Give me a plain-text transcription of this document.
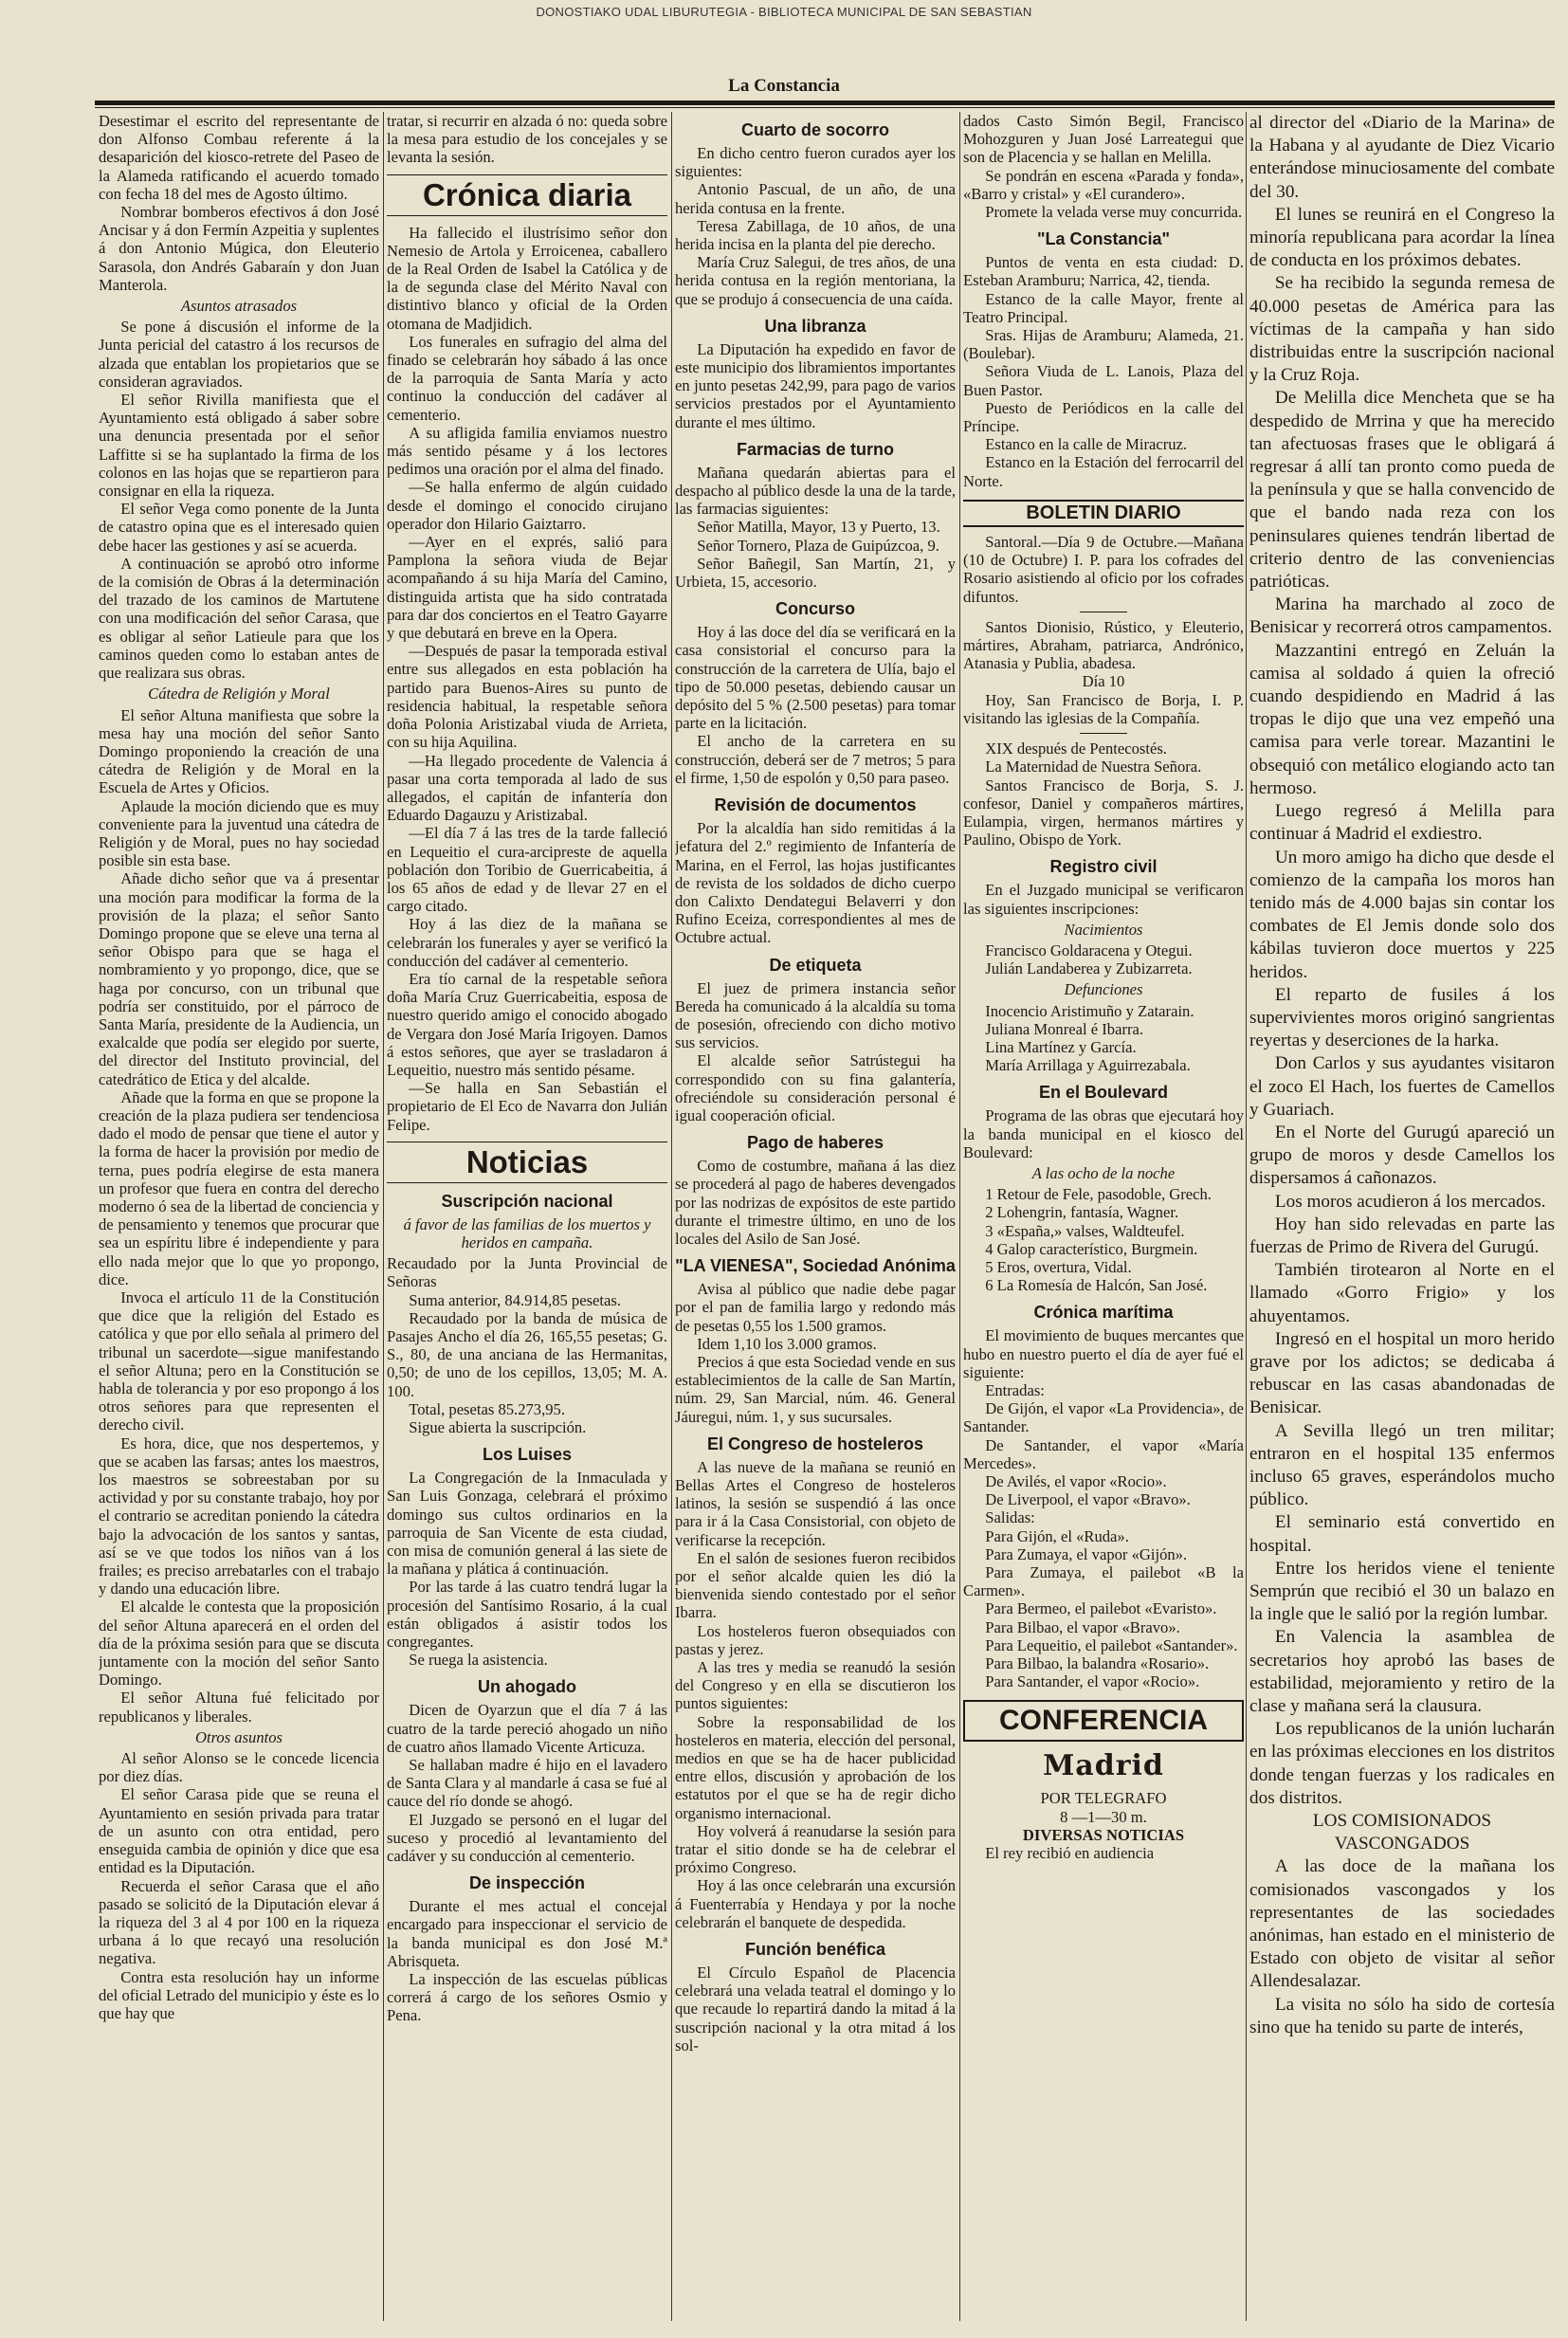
DONOSTIAKO UDAL LIBURUTEGIA - BIBLIOTECA MUNICIPAL DE SAN SEBASTIAN
La Constancia

Desestimar el escrito del representante de don Alfonso Combau referente á la desaparición del kiosco-retrete del Paseo de la Alameda ratificando el acuerdo tomado con fecha 18 del mes de Agosto último.

Nombrar bomberos efectivos á don José Ancisar y á don Fermín Azpeitia y suplentes á don Antonio Múgica, don Eleuterio Sarasola, don Andrés Gabaraín y don Juan Manterola.

Asuntos atrasados

Se pone á discusión el informe de la Junta pericial del catastro á los recursos de alzada que entablan los propietarios que se consideran agraviados.

El señor Rivilla manifiesta que el Ayuntamiento está obligado á saber sobre una denuncia presentada por el señor Laffitte si se ha suplantado la firma de los colonos en las hojas que se repartieron para consignar en ella la riqueza.

El señor Vega como ponente de la Junta de catastro opina que es el interesado quien debe hacer las gestiones y así se acuerda.

A continuación se aprobó otro informe de la comisión de Obras á la determinación del trazado de los caminos de Martutene con una modificación del señor Carasa, que es obligar al señor Latieule para que los caminos queden como lo estaban antes de que realizara sus obras.

Cátedra de Religión y Moral

El señor Altuna manifiesta que sobre la mesa hay una moción del señor Santo Domingo proponiendo la creación de una cátedra de Religión y de Moral en la Escuela de Artes y Oficios.

Aplaude la moción diciendo que es muy conveniente para la juventud una cátedra de Religión y de Moral, pues no hay sociedad posible sin esta base.

Añade dicho señor que va á presentar una moción para modificar la forma de la provisión de la plaza; el señor Santo Domingo propone que se eleve una terna al señor Obispo para que se haga el nombramiento y yo propongo, dice, que se haga por concurso, con un tribunal que podría ser constituido, por el párroco de Santa María, presidente de la Audiencia, un exalcalde que podía ser elegido por suerte, del director del Instituto provincial, del catedrático de Etica y del alcalde.

Añade que la forma en que se propone la creación de la plaza pudiera ser tendenciosa dado el modo de pensar que tiene el autor y la forma de hacer la provisión por medio de terna, pues podría elegirse de esta manera un profesor que fuera en contra del derecho moderno ó sea de la libertad de conciencia y de pensamiento y tenemos que procurar que sea un espíritu libre é independiente y para ello nada mejor que lo que yo propongo, dice.

Invoca el artículo 11 de la Constitución que dice que la religión del Estado es católica y que por ello señala al primero del tribunal un sacerdote—sigue manifestando el señor Altuna; pero en la Constitución se habla de tolerancia y por eso propongo á los otros señores para que representen el derecho civil.

Es hora, dice, que nos despertemos, y que se acaben las farsas; antes los maestros, los maestros se sobreestaban por su actividad y por su constante trabajo, hoy por el contrario se acreditan poniendo la cátedra bajo la advocación de los santos y santas, así se ve que todos los niños van á los frailes; es preciso arrebatarles con el trabajo y dando una educación libre.

El alcalde le contesta que la proposición del señor Altuna aparecerá en el orden del día de la próxima sesión para que se discuta juntamente con la moción del señor Santo Domingo.

El señor Altuna fué felicitado por republicanos y liberales.

Otros asuntos

Al señor Alonso se le concede licencia por diez días.

El señor Carasa pide que se reuna el Ayuntamiento en sesión privada para tratar de un asunto con otra entidad, pero enseguida cambia de opinión y dice que esa entidad es la Diputación.

Recuerda el señor Carasa que el año pasado se solicitó de la Diputación elevar á la riqueza del 3 al 4 por 100 en la riqueza urbana á lo que recayó una resolución negativa.

Contra esta resolución hay un informe del oficial Letrado del municipio y éste es lo que hay que

tratar, si recurrir en alzada ó no: queda sobre la mesa para estudio de los concejales y se levanta la sesión.

Crónica diaria

Ha fallecido el ilustrísimo señor don Nemesio de Artola y Erroicenea, caballero de la Real Orden de Isabel la Católica y de la de segunda clase del Mérito Naval con distintivo blanco y oficial de la Orden otomana de Madjidich.

Los funerales en sufragio del alma del finado se celebrarán hoy sábado á las once de la parroquia de Santa María y acto continuo la conducción del cadáver al cementerio.

A su afligida familia enviamos nuestro más sentido pésame y á los lectores pedimos una oración por el alma del finado.

—Se halla enfermo de algún cuidado desde el domingo el conocido cirujano operador don Hilario Gaiztarro.

—Ayer en el exprés, salió para Pamplona la señora viuda de Bejar acompañando á su hija María del Camino, distinguida artista que ha sido contratada para dar dos conciertos en el Teatro Gayarre y que debutará en breve en la Opera.

—Después de pasar la temporada estival entre sus allegados en esta población ha partido para Buenos-Aires su punto de residencia habitual, la respetable señora doña Polonia Aristizabal viuda de Arrieta, con su hija Aquilina.

—Ha llegado procedente de Valencia á pasar una corta temporada al lado de sus allegados, el capitán de infantería don Eduardo Dagauzu y Aristizabal.

—El día 7 á las tres de la tarde falleció en Lequeitio el cura-arcipreste de aquella población don Toribio de Guerricabeitia, á los 65 años de edad y de llevar 27 en el cargo citado.

Hoy á las diez de la mañana se celebrarán los funerales y ayer se verificó la conducción del cadáver al cementerio.

Era tío carnal de la respetable señora doña María Cruz Guerricabeitia, esposa de nuestro querido amigo el conocido abogado de Vergara don José María Irigoyen. Damos á estos señores, que ayer se trasladaron á Lequeitio, nuestro más sentido pésame.

—Se halla en San Sebastián el propietario de El Eco de Navarra don Julián Felipe.

Noticias
Suscripción nacional
á favor de las familias de los muertos y heridos en campaña.

Recaudado por la Junta Provincial de Señoras

Suma anterior, 84.914,85 pesetas.

Recaudado por la banda de música de Pasajes Ancho el día 26, 165,55 pesetas; G. S., 80, de una anciana de las Hermanitas, 0,50; de uno de los cepillos, 13,05; M. A. 100.

Total, pesetas 85.273,95.

Sigue abierta la suscripción.

Los Luises

La Congregación de la Inmaculada y San Luis Gonzaga, celebrará el próximo domingo sus cultos ordinarios en la parroquia de San Vicente de esta ciudad, con misa de comunión general á las siete de la mañana y plática á continuación.

Por las tarde á las cuatro tendrá lugar la procesión del Santísimo Rosario, á la cual están obligados á asistir todos los congregantes.

Se ruega la asistencia.

Un ahogado

Dicen de Oyarzun que el día 7 á las cuatro de la tarde pereció ahogado un niño de cuatro años llamado Vicente Articuza.

Se hallaban madre é hijo en el lavadero de Santa Clara y al mandarle á casa se fué al cauce del río donde se ahogó.

El Juzgado se personó en el lugar del suceso y procedió al levantamiento del cadáver y su conducción al cementerio.

De inspección

Durante el mes actual el concejal encargado para inspeccionar el servicio de la banda municipal es don José M.ª Abrisqueta.

La inspección de las escuelas públicas correrá á cargo de los señores Osmio y Pena.

Cuarto de socorro

En dicho centro fueron curados ayer los siguientes:

Antonio Pascual, de un año, de una herida contusa en la frente.

Teresa Zabillaga, de 10 años, de una herida incisa en la planta del pie derecho.

María Cruz Salegui, de tres años, de una herida contusa en la región mentoriana, la que se produjo á consecuencia de una caída.

Una libranza

La Diputación ha expedido en favor de este municipio dos libramientos importantes en junto pesetas 242,99, para pago de varios servicios prestados por el Ayuntamiento durante el mes último.

Farmacias de turno

Mañana quedarán abiertas para el despacho al público desde la una de la tarde, las farmacias siguientes:

Señor Matilla, Mayor, 13 y Puerto, 13.

Señor Tornero, Plaza de Guipúzcoa, 9.

Señor Bañegil, San Martín, 21, y Urbieta, 15, accesorio.

Concurso

Hoy á las doce del día se verificará en la casa consistorial el concurso para la construcción de la carretera de Ulía, bajo el tipo de 50.000 pesetas, debiendo causar un depósito del 5 % (2.500 pesetas) para tomar parte en la licitación.

El ancho de la carretera en su construcción, deberá ser de 7 metros; 5 para el firme, 1,50 de espolón y 0,50 para paseo.

Revisión de documentos

Por la alcaldía han sido remitidas á la jefatura del 2.º regimiento de Infantería de Marina, en el Ferrol, las hojas justificantes de revista de los soldados de dicho cuerpo don Calixto Dendategui Belaverri y don Rufino Eceiza, correspondientes al mes de Octubre actual.

De etiqueta

El juez de primera instancia señor Bereda ha comunicado á la alcaldía su toma de posesión, ofreciendo con dicho motivo sus servicios.

El alcalde señor Satrústegui ha correspondido con su fina galantería, ofreciéndole su consideración personal é igual cooperación oficial.

Pago de haberes

Como de costumbre, mañana á las diez se procederá al pago de haberes devengados por las nodrizas de expósitos de este partido durante el trimestre último, en uno de los locales del Asilo de San José.

"LA VIENESA", Sociedad Anónima

Avisa al público que nadie debe pagar por el pan de familia largo y redondo más de pesetas 0,55 los 1.500 gramos.

Idem 1,10 los 3.000 gramos.

Precios á que esta Sociedad vende en sus establecimientos de la calle de San Martín, núm. 29, San Marcial, núm. 46. General Jáuregui, núm. 1, y sus sucursales.

El Congreso de hosteleros

A las nueve de la mañana se reunió en Bellas Artes el Congreso de hosteleros latinos, la sesión se suspendió á las once para ir á la Casa Consistorial, con objeto de verificarse la recepción.

En el salón de sesiones fueron recibidos por el señor alcalde quien les dió la bienvenida siendo contestado por el señor Ibarra.

Los hosteleros fueron obsequiados con pastas y jerez.

A las tres y media se reanudó la sesión del Congreso y en ella se discutieron los puntos siguientes:

Sobre la responsabilidad de los hosteleros en materia, elección del personal, medios en que se ha de hacer publicidad entre ellos, discusión y aprobación de los estatutos por el que se ha de regir dicho organismo internacional.

Hoy volverá á reanudarse la sesión para tratar el sitio donde se ha de celebrar el próximo Congreso.

Hoy á las once celebrarán una excursión á Fuenterrabía y Hendaya y por la noche celebrarán el banquete de despedida.

Función benéfica

El Círculo Español de Placencia celebrará una velada teatral el domingo y lo que recaude lo repartirá dando la mitad á la suscripción nacional y la otra mitad á los sol-

dados Casto Simón Begil, Francisco Mohozguren y Juan José Larreategui que son de Placencia y se hallan en Melilla.

Se pondrán en escena «Parada y fonda», «Barro y cristal» y «El curandero».

Promete la velada verse muy concurrida.

"La Constancia"

Puntos de venta en esta ciudad: D. Esteban Aramburu; Narrica, 42, tienda.

Estanco de la calle Mayor, frente al Teatro Principal.

Sras. Hijas de Aramburu; Alameda, 21. (Boulebar).

Señora Viuda de L. Lanois, Plaza del Buen Pastor.

Puesto de Periódicos en la calle del Príncipe.

Estanco en la calle de Miracruz.

Estanco en la Estación del ferrocarril del Norte.

BOLETIN DIARIO

Santoral.—Día 9 de Octubre.—Mañana (10 de Octubre) I. P. para los cofrades del Rosario asistiendo al oficio por los cofrades difuntos.

Santos Dionisio, Rústico, y Eleuterio, mártires, Abraham, patriarca, Andrónico, Atanasia y Publia, abadesa.

Día 10

Hoy, San Francisco de Borja, I. P. visitando las iglesias de la Compañía.

XIX después de Pentecostés.

La Maternidad de Nuestra Señora.

Santos Francisco de Borja, S. J. confesor, Daniel y compañeros mártires, Eulampia, virgen, hermanos mártires y Paulino, Obispo de York.

Registro civil

En el Juzgado municipal se verificaron las siguientes inscripciones:

Nacimientos

Francisco Goldaracena y Otegui.

Julián Landaberea y Zubizarreta.

Defunciones

Inocencio Aristimuño y Zatarain.

Juliana Monreal é Ibarra.

Lina Martínez y García.

María Arrillaga y Aguirrezabala.

En el Boulevard

Programa de las obras que ejecutará hoy la banda municipal en el kiosco del Boulevard:

A las ocho de la noche

1 Retour de Fele, pasodoble, Grech.

2 Lohengrin, fantasía, Wagner.

3 «España,» valses, Waldteufel.

4 Galop característico, Burgmein.

5 Eros, overtura, Vidal.

6 La Romesía de Halcón, San José.

Crónica marítima

El movimiento de buques mercantes que hubo en nuestro puerto el día de ayer fué el siguiente:

Entradas:

De Gijón, el vapor «La Providencia», de Santander.

De Santander, el vapor «María Mercedes».

De Avilés, el vapor «Rocio».

De Liverpool, el vapor «Bravo».

Salidas:

Para Gijón, el «Ruda».

Para Zumaya, el vapor «Gijón».

Para Zumaya, el pailebot «B la Carmen».

Para Bermeo, el pailebot «Evaristo».

Para Bilbao, el vapor «Bravo».

Para Lequeitio, el pailebot «Santander».

Para Bilbao, la balandra «Rosario».

Para Santander, el vapor «Rocio».

CONFERENCIA
Madrid
POR TELEGRAFO
8 —1—30 m.
DIVERSAS NOTICIAS

El rey recibió en audiencia

al director del «Diario de la Marina» de la Habana y al ayudante de Diez Vicario enterándose minuciosamente del combate del 30.

El lunes se reunirá en el Congreso la minoría republicana para acordar la línea de conducta en los próximos debates.

Se ha recibido la segunda remesa de 40.000 pesetas de América para las víctimas de la campaña y han sido distribuidas entre la suscripción nacional y la Cruz Roja.

De Melilla dice Mencheta que se ha despedido de Mrrina y que ha merecido tan afectuosas frases que le obligará á regresar á allí tan pronto como pueda de la península y que se halla convencido de que el bando nada reza con los peninsulares quienes tendrán libertad de criterio dentro de las conveniencias patrióticas.

Marina ha marchado al zoco de Benisicar y recorrerá otros campamentos.

Mazzantini entregó en Zeluán la camisa al soldado á quien la ofreció cuando despidiendo en Madrid á las tropas le dijo que una vez empeñó una camisa para verle torear. Mazantini le obsequió con metálico elogiando acto tan hermoso.

Luego regresó á Melilla para continuar á Madrid el exdiestro.

Un moro amigo ha dicho que desde el comienzo de la campaña los moros han tenido más de 4.000 bajas sin contar los combates de El Jemis donde solo dos kábilas tuvieron doce muertos y 225 heridos.

El reparto de fusiles á los supervivientes moros originó sangrientas reyertas y deserciones de la harka.

Don Carlos y sus ayudantes visitaron el zoco El Hach, los fuertes de Camellos y Guariach.

En el Norte del Gurugú apareció un grupo de moros y desde Camellos los dispersamos á cañonazos.

Los moros acudieron á los mercados.

Hoy han sido relevadas en parte las fuerzas de Primo de Rivera del Gurugú.

También tirotearon al Norte en el llamado «Gorro Frigio» y los ahuyentamos.

Ingresó en el hospital un moro herido grave por los adictos; se dedicaba á rebuscar en las casas abandonadas de Benisicar.

A Sevilla llegó un tren militar; entraron en el hospital 135 enfermos incluso 65 graves, esperándolos mucho público.

El seminario está convertido en hospital.

Entre los heridos viene el teniente Semprún que recibió el 30 un balazo en la ingle que le salió por la región lumbar.

En Valencia la asamblea de secretarios hoy aprobó las bases de estabilidad, mejoramiento y retiro de la clase y mañana será la clausura.

Los republicanos de la unión lucharán en las próximas elecciones en los distritos donde tengan fuerzas y los radicales en dos distritos.

LOS COMISIONADOS VASCONGADOS

A las doce de la mañana los comisionados vascongados y los representantes de las sociedades anónimas, han estado en el ministerio de Estado con objeto de visitar al señor Allendesalazar.

La visita no sólo ha sido de cortesía sino que ha tenido su parte de interés,
